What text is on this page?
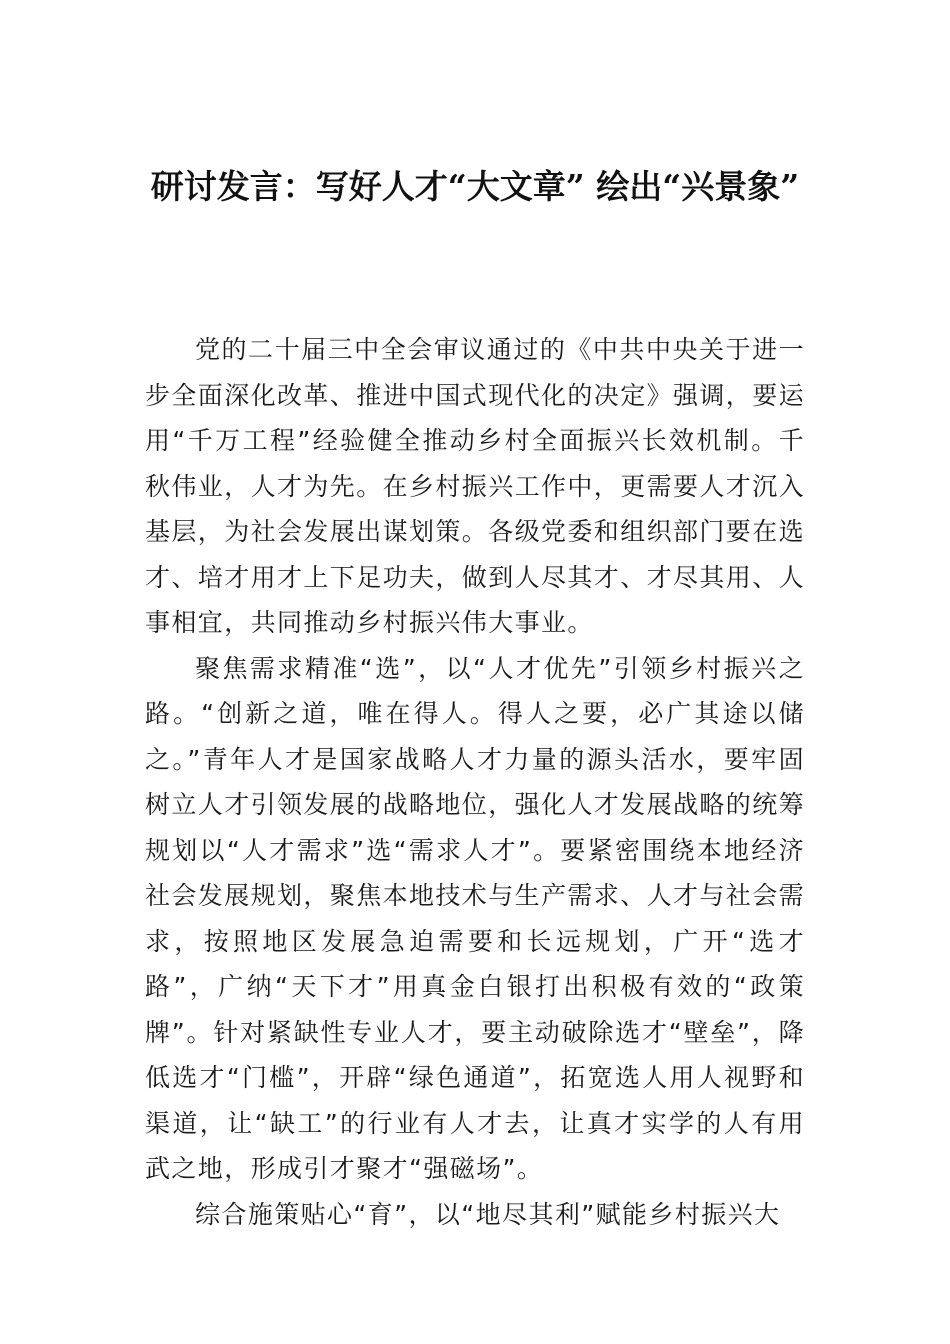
研讨发言：写好人才“大文章” 绘出“兴景象”

党的二十届三中全会审议通过的《中共中央关于进一步全面深化改革、推进中国式现代化的决定》强调，要运用“千万工程”经验健全推动乡村全面振兴长效机制。千秋伟业，人才为先。在乡村振兴工作中，更需要人才沉入基层，为社会发展出谋划策。各级党委和组织部门要在选才、培才用才上下足功夫，做到人尽其才、才尽其用、人事相宜，共同推动乡村振兴伟大事业。

聚焦需求精准“选”，以“人才优先”引领乡村振兴之路。“创新之道，唯在得人。得人之要，必广其途以储之。”青年人才是国家战略人才力量的源头活水，要牢固树立人才引领发展的战略地位，强化人才发展战略的统筹规划以“人才需求”选“需求人才”。要紧密围绕本地经济社会发展规划，聚焦本地技术与生产需求、人才与社会需求，按照地区发展急迫需要和长远规划，广开“选才路”，广纳“天下才”用真金白银打出积极有效的“政策牌”。针对紧缺性专业人才，要主动破除选才“壁垒”，降低选才“门槛”，开辟“绿色通道”，拓宽选人用人视野和渠道，让“缺工”的行业有人才去，让真才实学的人有用武之地，形成引才聚才“强磁场”。

综合施策贴心“育”，以“地尽其利”赋能乡村振兴大
